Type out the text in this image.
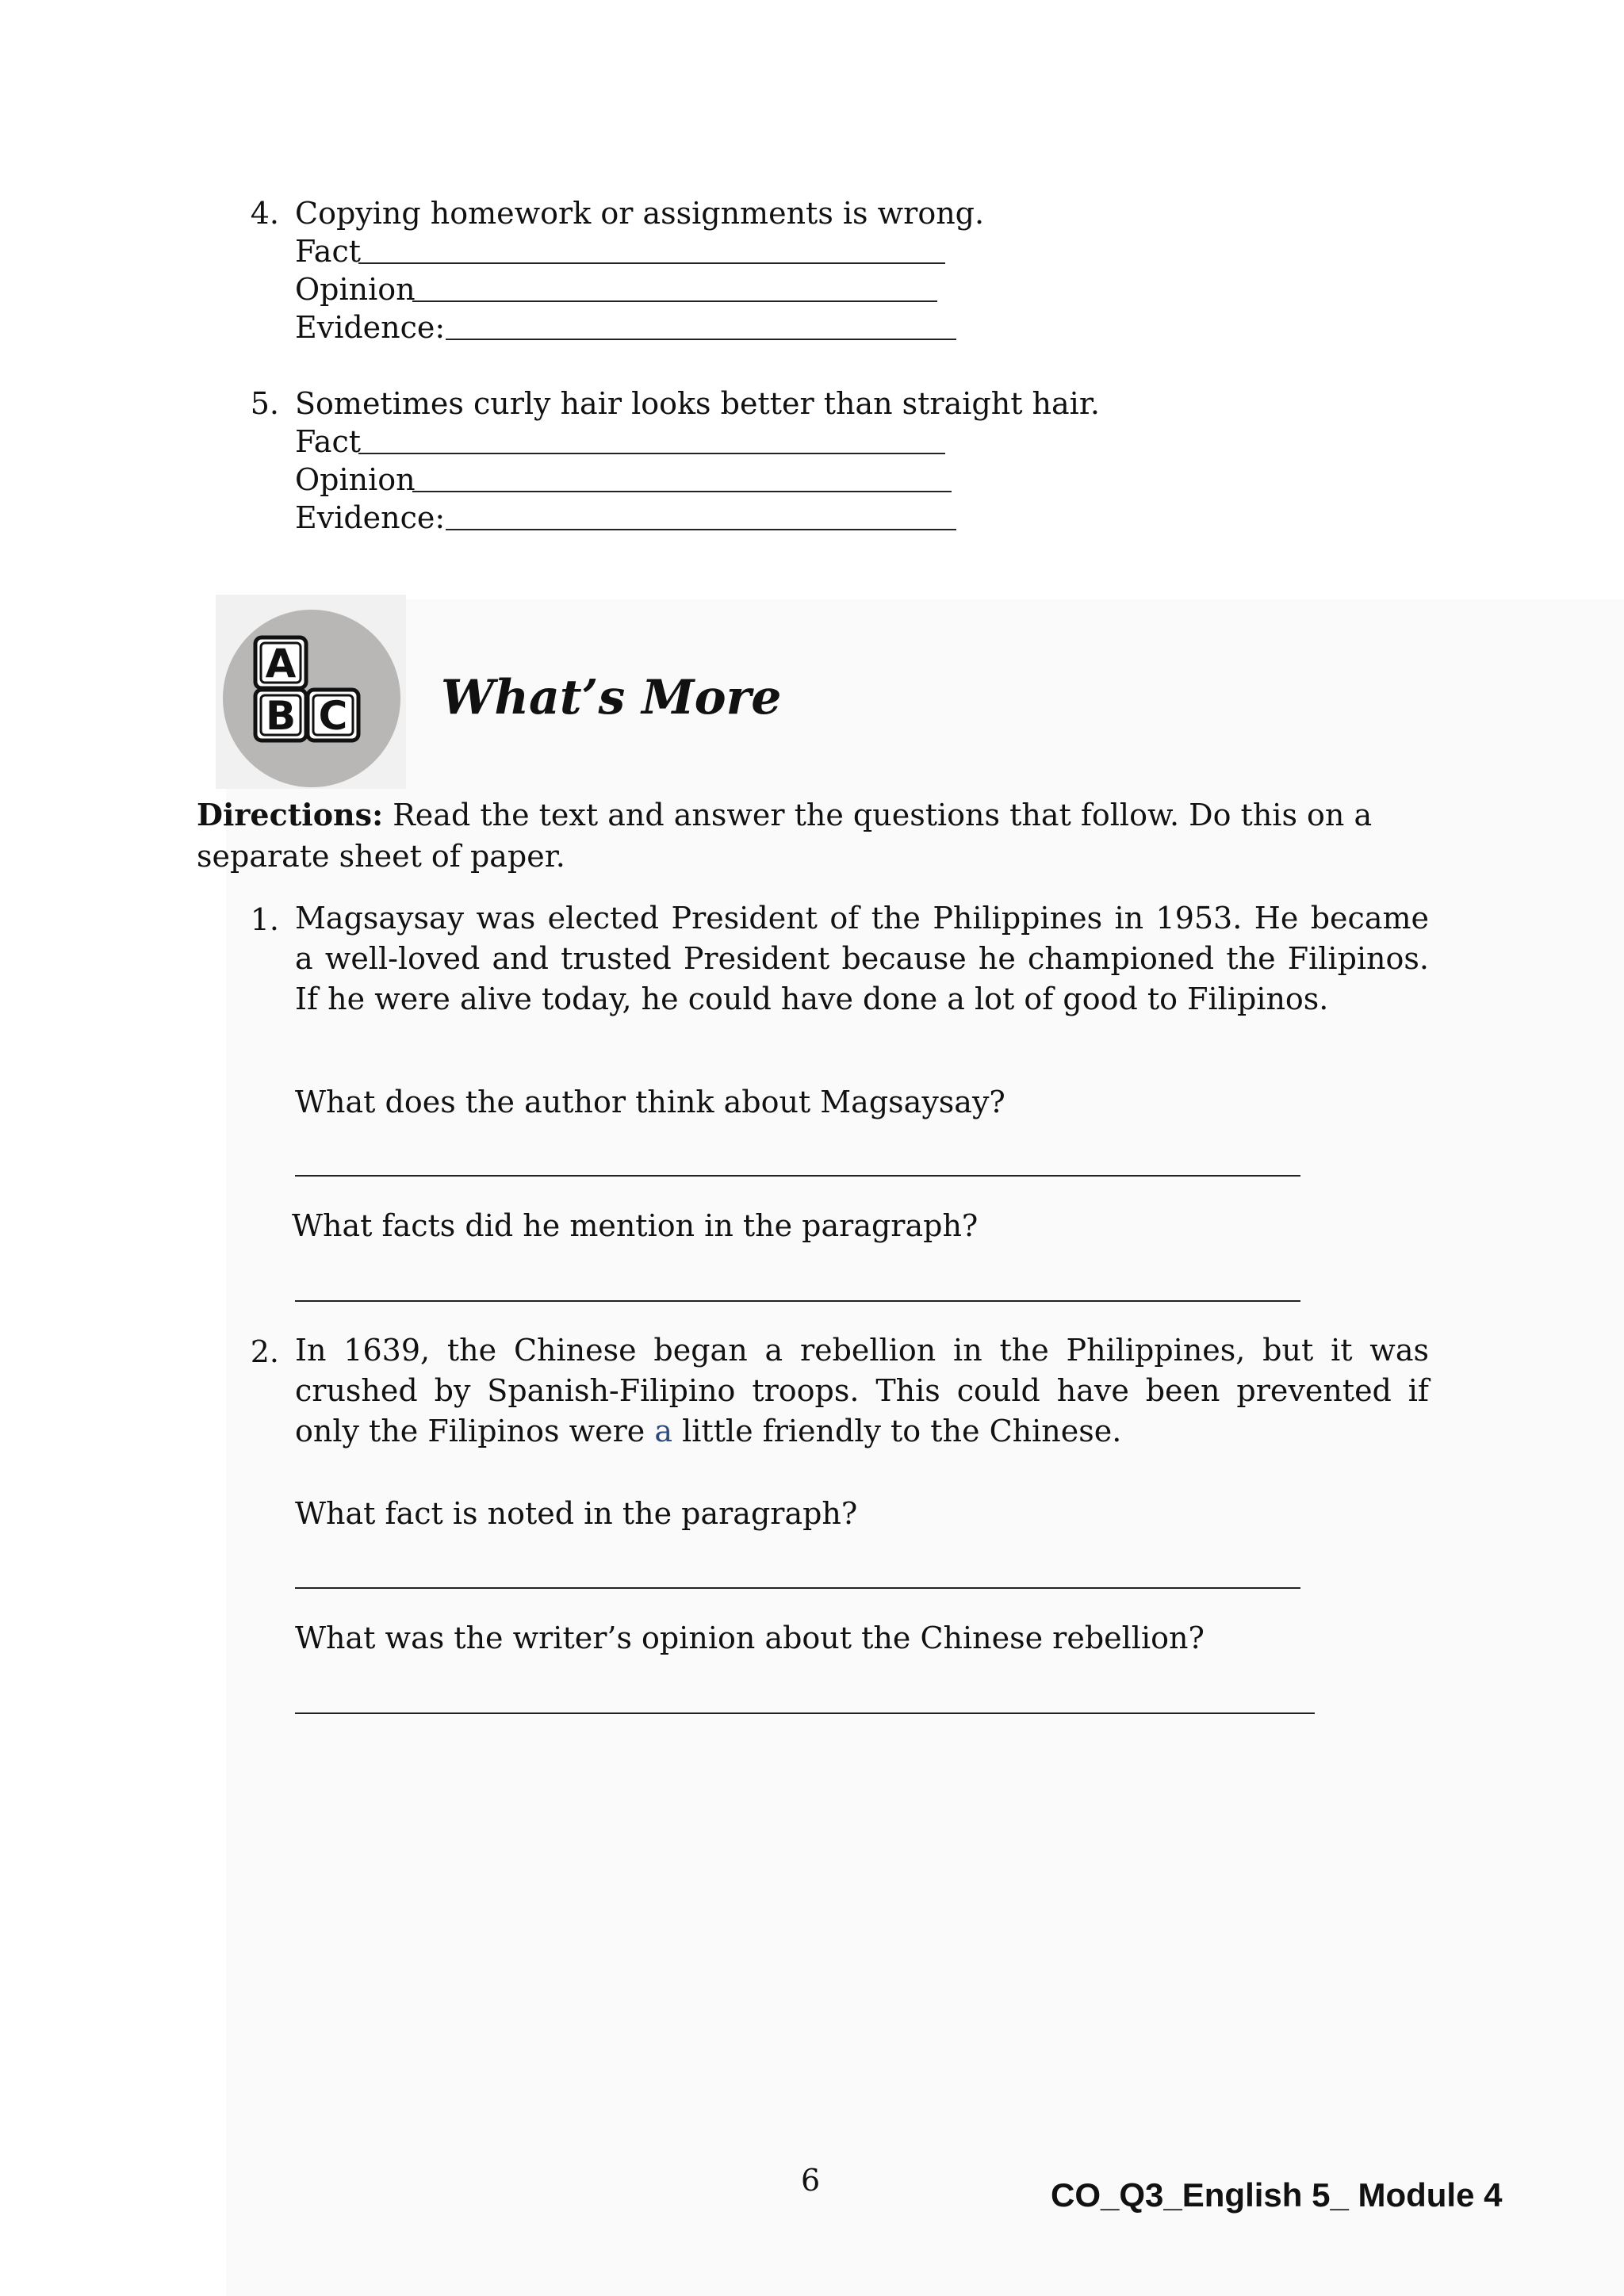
4. Copying homework or assignments is wrong.
Fact
Opinion
Evidence:
5. Sometimes curly hair looks better than straight hair.
Fact
Opinion
Evidence:
A
B C What’s More
Directions: Read the text and answer the questions that follow. Do this on a separate sheet of paper.
1. Magsaysay was elected President of the Philippines in 1953. He became a well-loved and trusted President because he championed the Filipinos. If he were alive today, he could have done a lot of good to Filipinos.
What does the author think about Magsaysay?
What facts did he mention in the paragraph?
2. In 1639, the Chinese began a rebellion in the Philippines, but it was crushed by Spanish-Filipino troops. This could have been prevented if only the Filipinos were a little friendly to the Chinese.
What fact is noted in the paragraph?
What was the writer’s opinion about the Chinese rebellion?
6	CO_Q3_English 5_ Module 4
